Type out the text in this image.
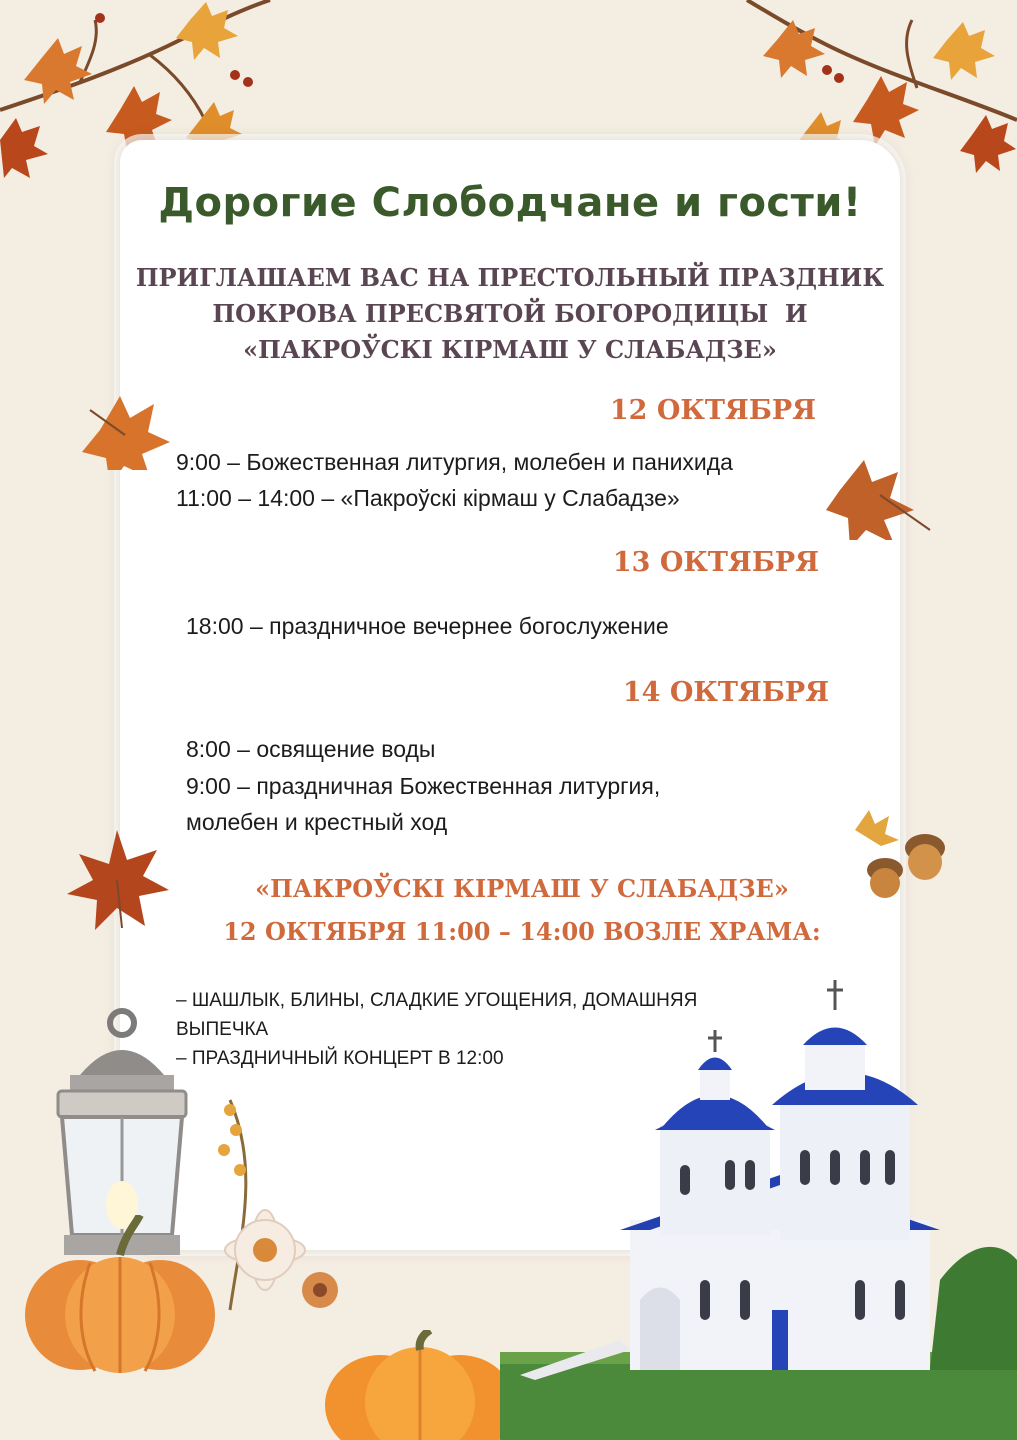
Дорогие Слободчане и гости!
ПРИГЛАШАЕМ ВАС НА ПРЕСТОЛЬНЫЙ ПРАЗДНИК
ПОКРОВА ПРЕСВЯТОЙ БОГОРОДИЦЫ  И
«ПАКРОЎСКІ КІРМАШ У СЛАБАДЗЕ»
12 ОКТЯБРЯ
9:00 – Божественная литургия, молебен и панихида
11:00 – 14:00 – «Пакроўскі кірмаш у Слабадзе»
13 ОКТЯБРЯ
18:00 – праздничное вечернее богослужение
14 ОКТЯБРЯ
8:00 – освящение воды
9:00 – праздничная Божественная литургия,
молебен и крестный ход
«ПАКРОЎСКІ КІРМАШ У СЛАБАДЗЕ»
12 ОКТЯБРЯ 11:00 – 14:00 ВОЗЛЕ ХРАМА:
– ШАШЛЫК, БЛИНЫ, СЛАДКИЕ УГОЩЕНИЯ, ДОМАШНЯЯ
ВЫПЕЧКА
– ПРАЗДНИЧНЫЙ КОНЦЕРТ В 12:00
